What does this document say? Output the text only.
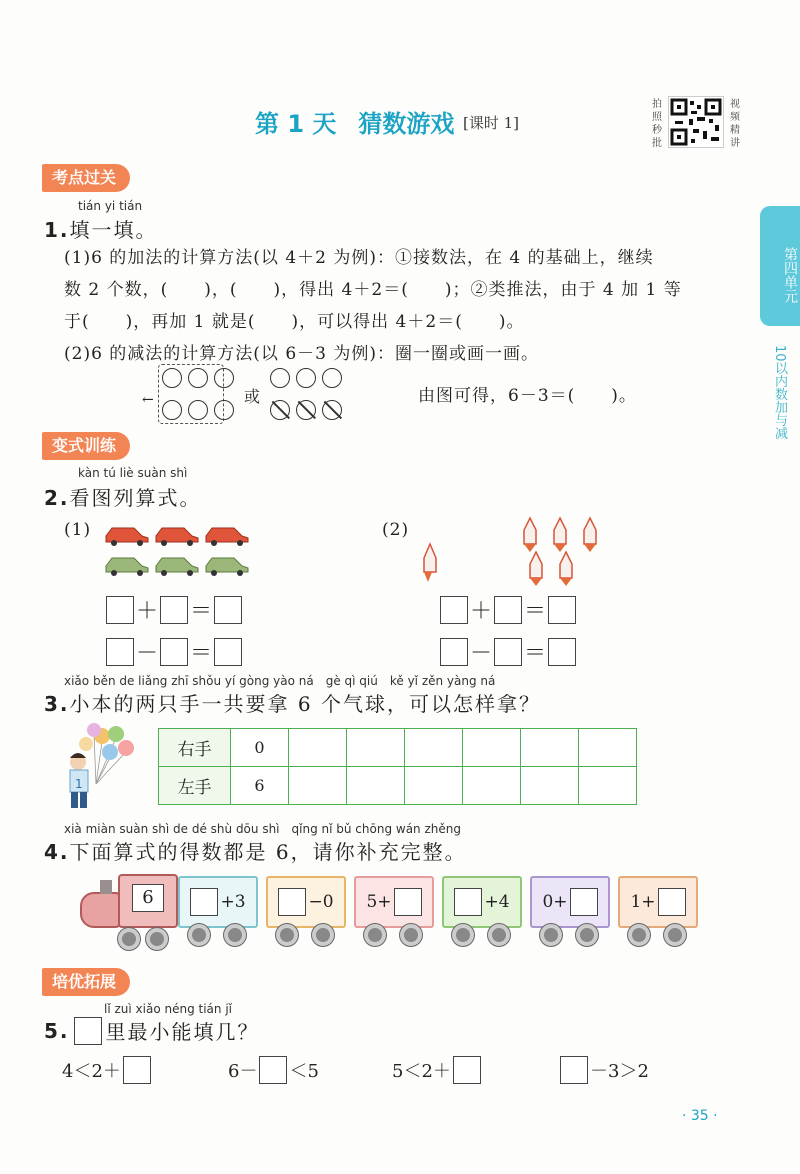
第 1 天 猜数游戏 [课时 1]
拍照秒批
视频精讲
第四单元
10以内数加与减
考点过关
tián yi tián
1.填一填。
(1)6 的加法的计算方法(以 4＋2 为例)：①接数法，在 4 的基础上，继续
数 2 个数，(　　)，(　　)，得出 4＋2＝(　　)；②类推法，由于 4 加 1 等
于(　　)，再加 1 就是(　　)，可以得出 4＋2＝(　　)。
(2)6 的减法的计算方法(以 6－3 为例)：圈一圈或画一画。
←	或	由图可得，6－3＝(　　)。
变式训练
kàn tú liè suàn shì
2.看图列算式。
(1)	(2)
＋ ＝
－ ＝
＋ ＝
－ ＝
xiǎo běn de liǎng zhī shǒu yí gòng yào ná　gè qì qiú　kě yǐ zěn yàng ná
3.小本的两只手一共要拿 6 个气球，可以怎样拿？
1
右手	0						
左手	6						
xià miàn suàn shì de dé shù dōu shì　qǐng nǐ bǔ chōng wán zhěng
4.下面算式的得数都是 6，请你补充完整。
6	+3	−0 5+	+4 0+	1+
培优拓展
lǐ zuì xiǎo néng tián jǐ
5. 里最小能填几？
4＜2＋	6－ ＜5	5＜2＋	－3＞2
· 35 ·
